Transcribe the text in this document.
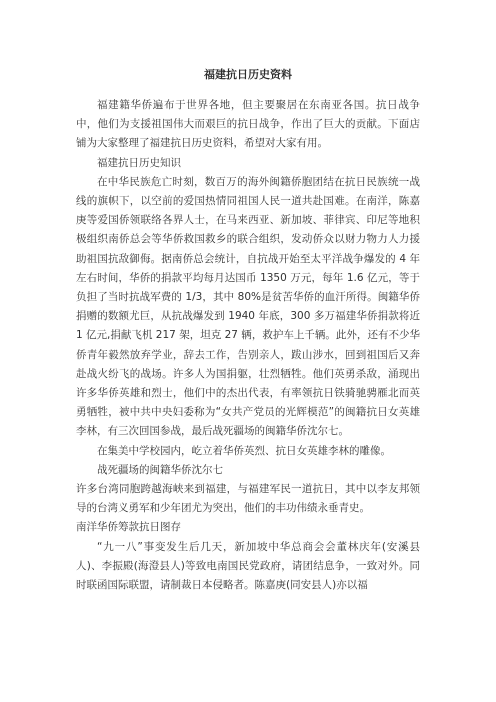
福建抗日历史资料

福建籍华侨遍布于世界各地，但主要聚居在东南亚各国。抗日战争中，他们为支援祖国伟大而艰巨的抗日战争，作出了巨大的贡献。下面店铺为大家整理了福建抗日历史资料，希望对大家有用。

福建抗日历史知识

在中华民族危亡时刻，数百万的海外闽籍侨胞团结在抗日民族统一战线的旗帜下，以空前的爱国热情同祖国人民一道共赴国难。在南洋，陈嘉庚等爱国侨领联络各界人士，在马来西亚、新加坡、菲律宾、印尼等地积极组织南侨总会等华侨救国救乡的联合组织，发动侨众以财力物力人力援助祖国抗敌御侮。据南侨总会统计，自抗战开始至太平洋战争爆发的 4 年左右时间，华侨的捐款平均每月达国币 1350 万元，每年 1.6 亿元，等于负担了当时抗战军费的 1/3，其中 80%是贫苦华侨的血汗所得。闽籍华侨捐赠的数额尤巨，从抗战爆发到 1940 年底，300 多万福建华侨捐款将近 1 亿元,捐献飞机 217 架，坦克 27 辆，救护车上千辆。此外，还有不少华侨青年毅然放弃学业，辞去工作，告别亲人，跋山涉水，回到祖国后又奔赴战火纷飞的战场。许多人为国捐躯，壮烈牺牲。他们英勇杀敌，涌现出许多华侨英雄和烈士，他们中的杰出代表，有率领抗日铁骑驰骋雁北而英勇牺牲，被中共中央妇委称为“女共产党员的光辉模范”的闽籍抗日女英雄李林，有三次回国参战，最后战死疆场的闽籍华侨沈尔七。

在集美中学校园内，屹立着华侨英烈、抗日女英雄李林的雕像。

战死疆场的闽籍华侨沈尔七

许多台湾同胞跨越海峡来到福建，与福建军民一道抗日，其中以李友邦领导的台湾义勇军和少年团尤为突出，他们的丰功伟绩永垂青史。

南洋华侨筹款抗日图存

“九一八”事变发生后几天，新加坡中华总商会会董林庆年(安溪县人)、李振殿(海澄县人)等致电南国民党政府，请团结息争，一致对外。同时联函国际联盟，请制裁日本侵略者。陈嘉庚(同安县人)亦以福
